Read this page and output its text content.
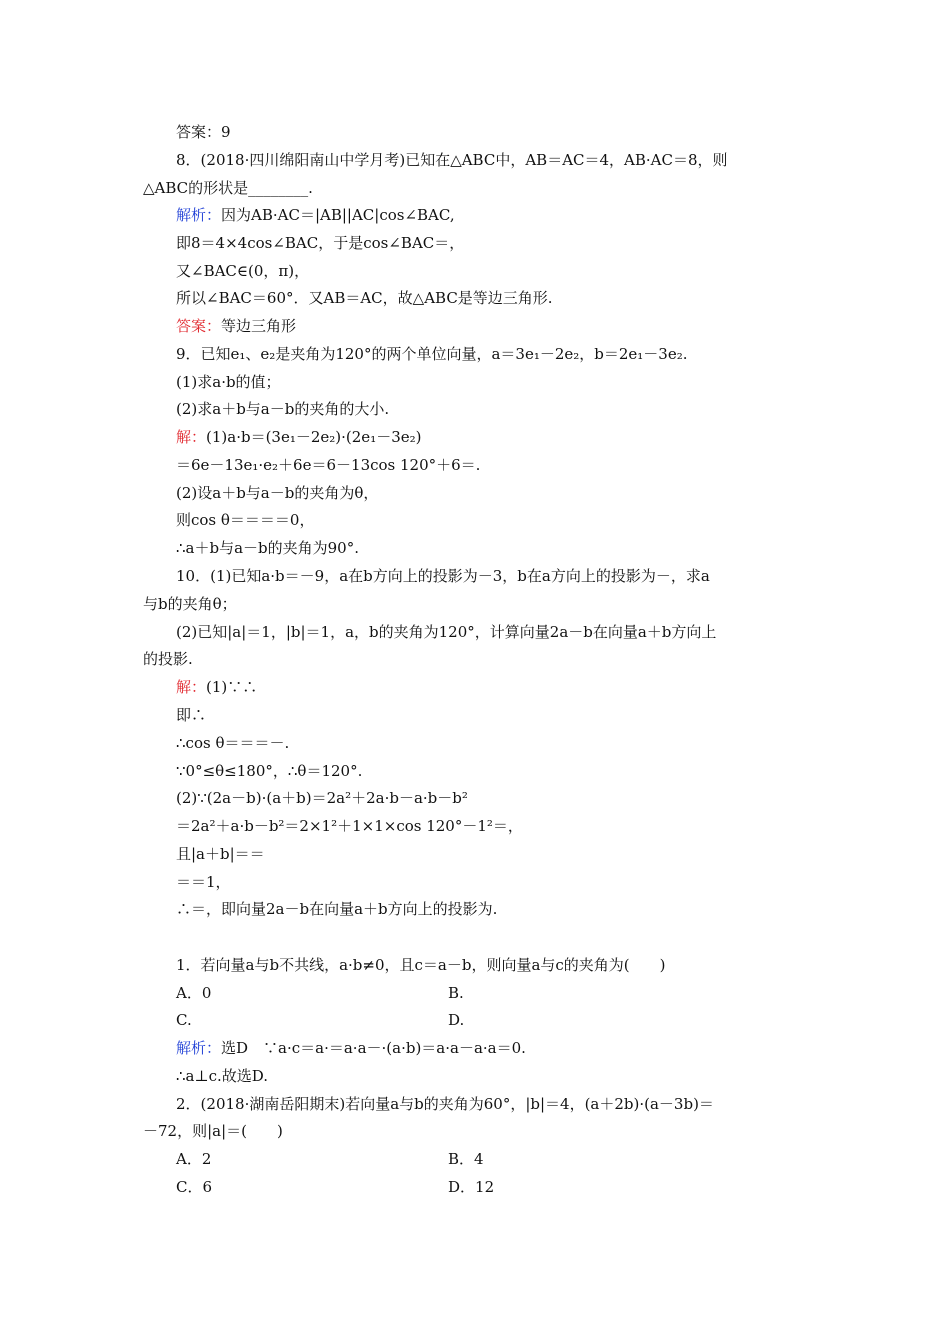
答案：9
8．(2018·四川绵阳南山中学月考)已知在△ABC中，AB＝AC＝4，AB·AC＝8，则
△ABC的形状是________.
解析：因为AB·AC＝|AB||AC|cos∠BAC,
即8＝4×4cos∠BAC，于是cos∠BAC＝，
又∠BAC∈(0，π)，
所以∠BAC＝60°．又AB＝AC，故△ABC是等边三角形.
答案：等边三角形
9．已知e₁、e₂是夹角为120°的两个单位向量，a＝3e₁－2e₂，b＝2e₁－3e₂.
(1)求a·b的值；
(2)求a＋b与a－b的夹角的大小.
解：(1)a·b＝(3e₁－2e₂)·(2e₁－3e₂)
＝6e－13e₁·e₂＋6e＝6－13cos 120°＋6＝.
(2)设a＋b与a－b的夹角为θ，
则cos θ＝＝＝＝0，
∴a＋b与a－b的夹角为90°.
10．(1)已知a·b＝－9，a在b方向上的投影为－3，b在a方向上的投影为－，求a
与b的夹角θ；
(2)已知|a|＝1，|b|＝1，a，b的夹角为120°，计算向量2a－b在向量a＋b方向上
的投影.
解：(1)∵∴
即∴
∴cos θ＝＝＝－.
∵0°≤θ≤180°，∴θ＝120°.
(2)∵(2a－b)·(a＋b)＝2a²＋2a·b－a·b－b²
＝2a²＋a·b－b²＝2×1²＋1×1×cos 120°－1²＝，
且|a＋b|＝＝
＝＝1，
∴＝，即向量2a－b在向量a＋b方向上的投影为.
1．若向量a与b不共线，a·b≠0，且c＝a－b，则向量a与c的夹角为(　　)
A．0	B.
C.	D.
解析：选D　∵a·c＝a·＝a·a－·(a·b)＝a·a－a·a＝0.
∴a⊥c.故选D.
2．(2018·湖南岳阳期末)若向量a与b的夹角为60°，|b|＝4，(a＋2b)·(a－3b)＝
－72，则|a|＝(　　)
A．2	B．4
C．6	D．12
